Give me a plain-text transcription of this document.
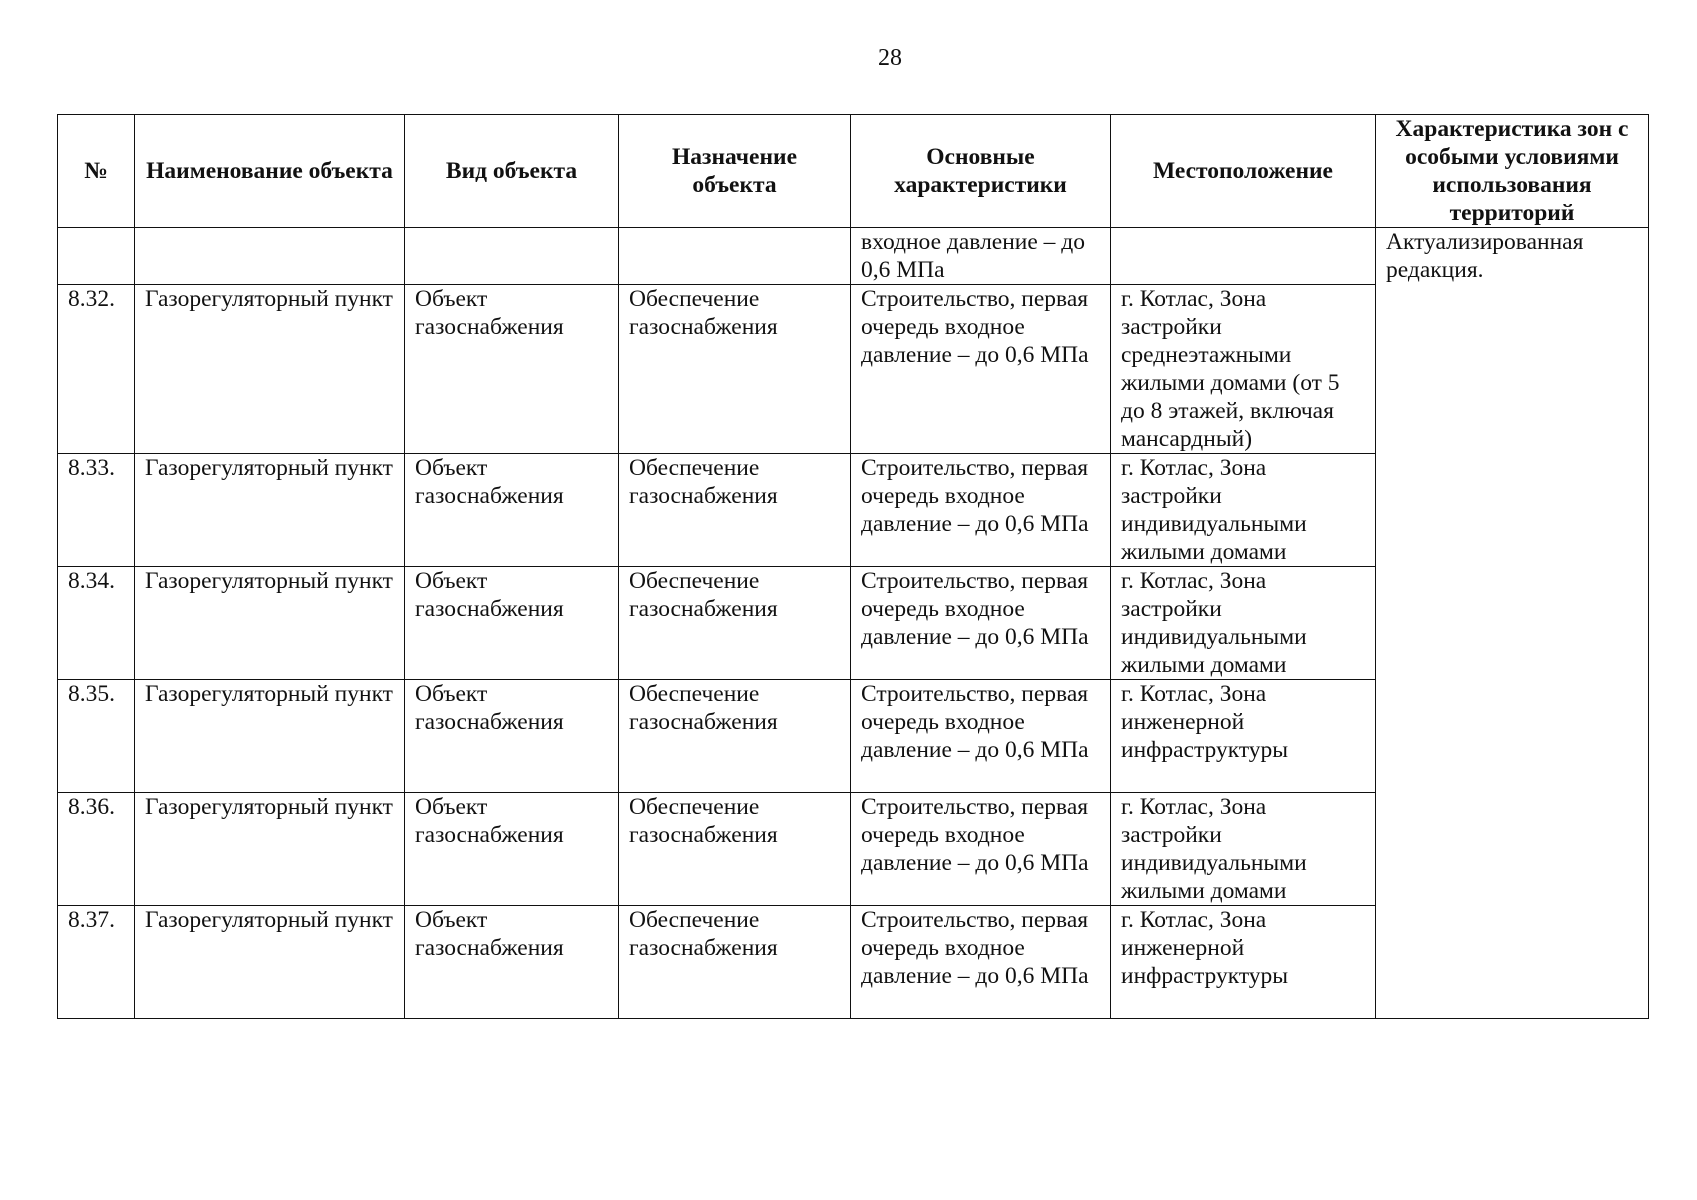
28
№	Наименование объекта	Вид объекта	Назначение объекта	Основные характеристики	Местоположение	Характеристика зон с особыми условиями использования территорий
				входное давление – до 0,6 МПа		Актуализированная редакция.
8.32.	Газорегуляторный пункт	Объект газоснабжения	Обеспечение газоснабжения	Строительство, первая очередь входное давление – до 0,6 МПа	г. Котлас, Зона застройки среднеэтажными жилыми домами (от 5 до 8 этажей, включая мансардный)	
8.33.	Газорегуляторный пункт	Объект газоснабжения	Обеспечение газоснабжения	Строительство, первая очередь входное давление – до 0,6 МПа	г. Котлас, Зона застройки индивидуальными жилыми домами	
8.34.	Газорегуляторный пункт	Объект газоснабжения	Обеспечение газоснабжения	Строительство, первая очередь входное давление – до 0,6 МПа	г. Котлас, Зона застройки индивидуальными жилыми домами	
8.35.	Газорегуляторный пункт	Объект газоснабжения	Обеспечение газоснабжения	Строительство, первая очередь входное давление – до 0,6 МПа	г. Котлас, Зона инженерной инфраструктуры	
8.36.	Газорегуляторный пункт	Объект газоснабжения	Обеспечение газоснабжения	Строительство, первая очередь входное давление – до 0,6 МПа	г. Котлас, Зона застройки индивидуальными жилыми домами	
8.37.	Газорегуляторный пункт	Объект газоснабжения	Обеспечение газоснабжения	Строительство, первая очередь входное давление – до 0,6 МПа	г. Котлас, Зона инженерной инфраструктуры	
